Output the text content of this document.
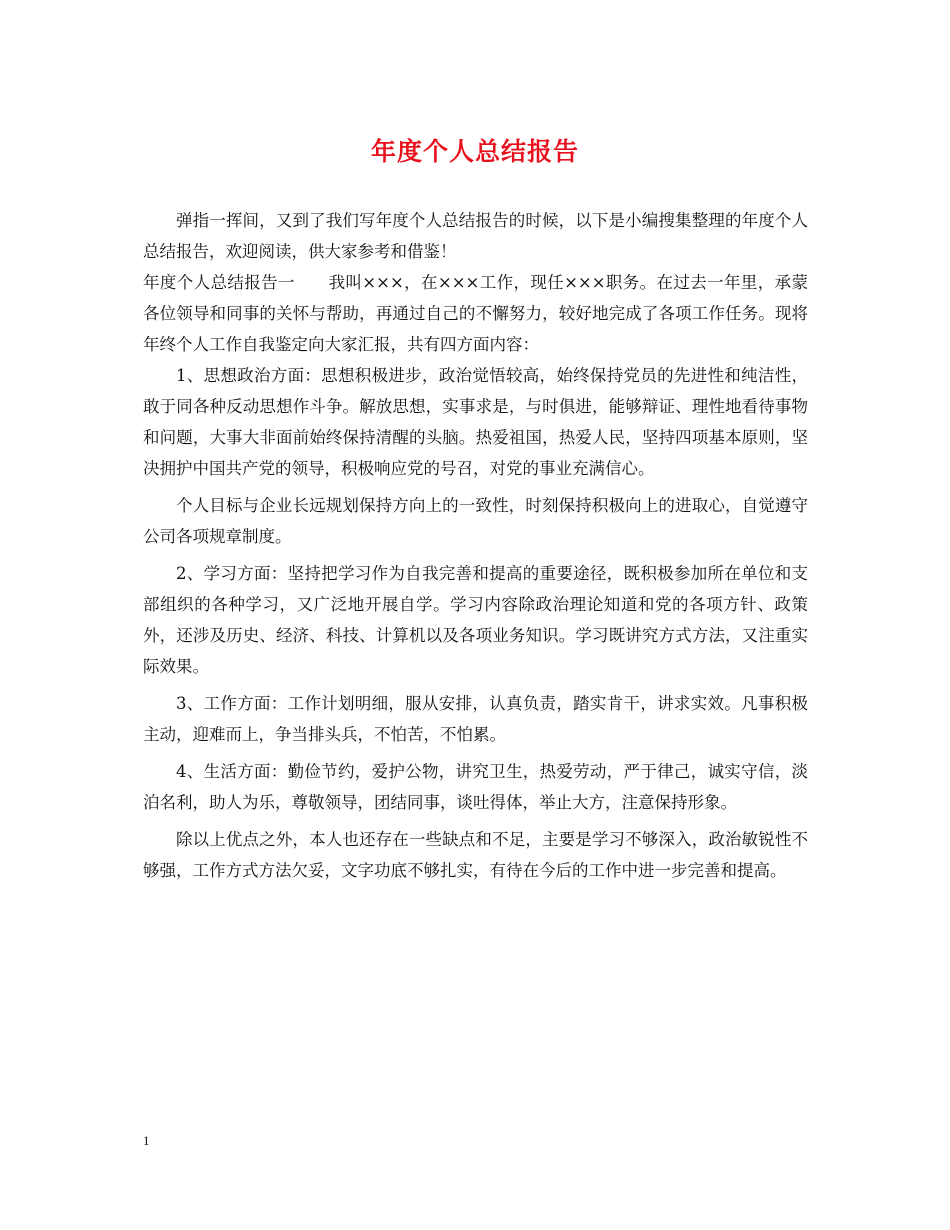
年度个人总结报告

弹指一挥间，又到了我们写年度个人总结报告的时候，以下是小编搜集整理的年度个人总结报告，欢迎阅读，供大家参考和借鉴！

年度个人总结报告一　　我叫×××，在×××工作，现任×××职务。在过去一年里，承蒙各位领导和同事的关怀与帮助，再通过自己的不懈努力，较好地完成了各项工作任务。现将年终个人工作自我鉴定向大家汇报，共有四方面内容：

1、思想政治方面：思想积极进步，政治觉悟较高，始终保持党员的先进性和纯洁性，敢于同各种反动思想作斗争。解放思想，实事求是，与时俱进，能够辩证、理性地看待事物和问题，大事大非面前始终保持清醒的头脑。热爱祖国，热爱人民，坚持四项基本原则，坚决拥护中国共产党的领导，积极响应党的号召，对党的事业充满信心。

个人目标与企业长远规划保持方向上的一致性，时刻保持积极向上的进取心，自觉遵守公司各项规章制度。

2、学习方面：坚持把学习作为自我完善和提高的重要途径，既积极参加所在单位和支部组织的各种学习，又广泛地开展自学。学习内容除政治理论知道和党的各项方针、政策外，还涉及历史、经济、科技、计算机以及各项业务知识。学习既讲究方式方法，又注重实际效果。

3、工作方面：工作计划明细，服从安排，认真负责，踏实肯干，讲求实效。凡事积极主动，迎难而上，争当排头兵，不怕苦，不怕累。

4、生活方面：勤俭节约，爱护公物，讲究卫生，热爱劳动，严于律己，诚实守信，淡泊名利，助人为乐，尊敬领导，团结同事，谈吐得体，举止大方，注意保持形象。

除以上优点之外，本人也还存在一些缺点和不足，主要是学习不够深入，政治敏锐性不够强，工作方式方法欠妥，文字功底不够扎实，有待在今后的工作中进一步完善和提高。

1
